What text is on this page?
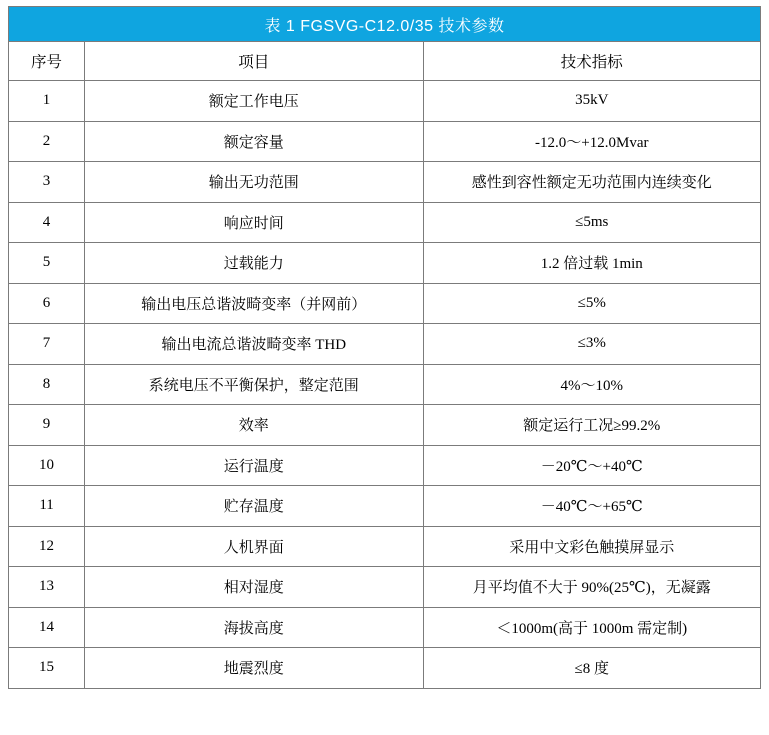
表 1 FGSVG-C12.0/35 技术参数		
序号	项目	技术指标
1	额定工作电压	35kV
2	额定容量	-12.0～+12.0Mvar
3	输出无功范围	感性到容性额定无功范围内连续变化
4	响应时间	≤5ms
5	过载能力	1.2 倍过载 1min
6	输出电压总谐波畸变率（并网前）	≤5%
7	输出电流总谐波畸变率 THD	≤3%
8	系统电压不平衡保护，整定范围	4%～10%
9	效率	额定运行工况≥99.2%
10	运行温度	－20℃～+40℃
11	贮存温度	－40℃～+65℃
12	人机界面	采用中文彩色触摸屏显示
13	相对湿度	月平均值不大于 90%(25℃)，无凝露
14	海拔高度	＜1000m(高于 1000m 需定制)
15	地震烈度	≤8 度
